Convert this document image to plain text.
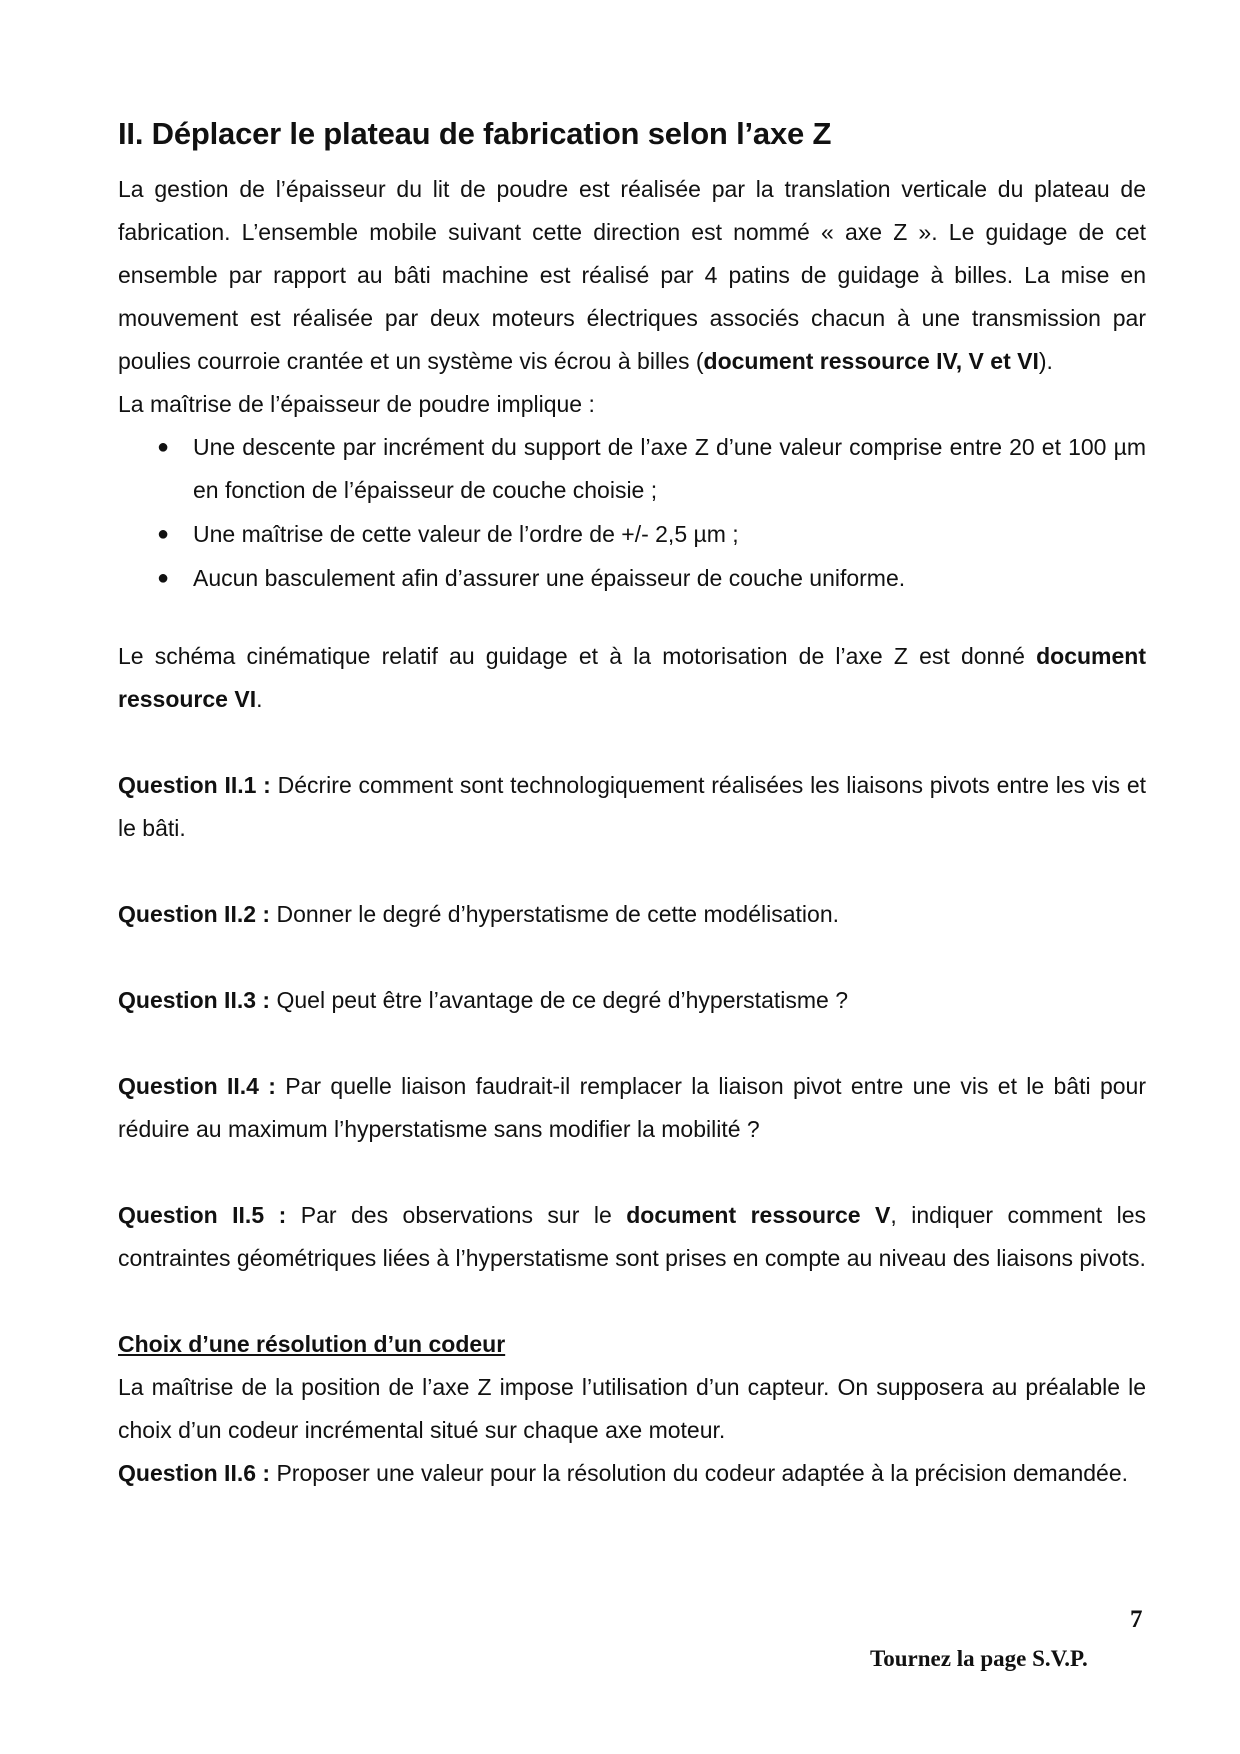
II. Déplacer le plateau de fabrication selon l’axe Z

La gestion de l’épaisseur du lit de poudre est réalisée par la translation verticale du plateau de fabrication. L’ensemble mobile suivant cette direction est nommé « axe Z ». Le guidage de cet ensemble par rapport au bâti machine est réalisé par 4 patins de guidage à billes. La mise en mouvement est réalisée par deux moteurs électriques associés chacun à une transmission par poulies courroie crantée et un système vis écrou à billes (document ressource IV, V et VI).

La maîtrise de l’épaisseur de poudre implique :

● Une descente par incrément du support de l’axe Z d’une valeur comprise entre 20 et 100 µm en fonction de l’épaisseur de couche choisie ;
● Une maîtrise de cette valeur de l’ordre de +/- 2,5 µm ;
● Aucun basculement afin d’assurer une épaisseur de couche uniforme.

Le schéma cinématique relatif au guidage et à la motorisation de l’axe Z est donné document ressource VI.

Question II.1 : Décrire comment sont technologiquement réalisées les liaisons pivots entre les vis et le bâti.

Question II.2 : Donner le degré d’hyperstatisme de cette modélisation.

Question II.3 : Quel peut être l’avantage de ce degré d’hyperstatisme ?

Question II.4 : Par quelle liaison faudrait-il remplacer la liaison pivot entre une vis et le bâti pour réduire au maximum l’hyperstatisme sans modifier la mobilité ?

Question II.5 : Par des observations sur le document ressource V, indiquer comment les contraintes géométriques liées à l’hyperstatisme sont prises en compte au niveau des liaisons pivots.

Choix d’une résolution d’un codeur

La maîtrise de la position de l’axe Z impose l’utilisation d’un capteur. On supposera au préalable le choix d’un codeur incrémental situé sur chaque axe moteur.

Question II.6 : Proposer une valeur pour la résolution du codeur adaptée à la précision demandée.

7
Tournez la page S.V.P.
